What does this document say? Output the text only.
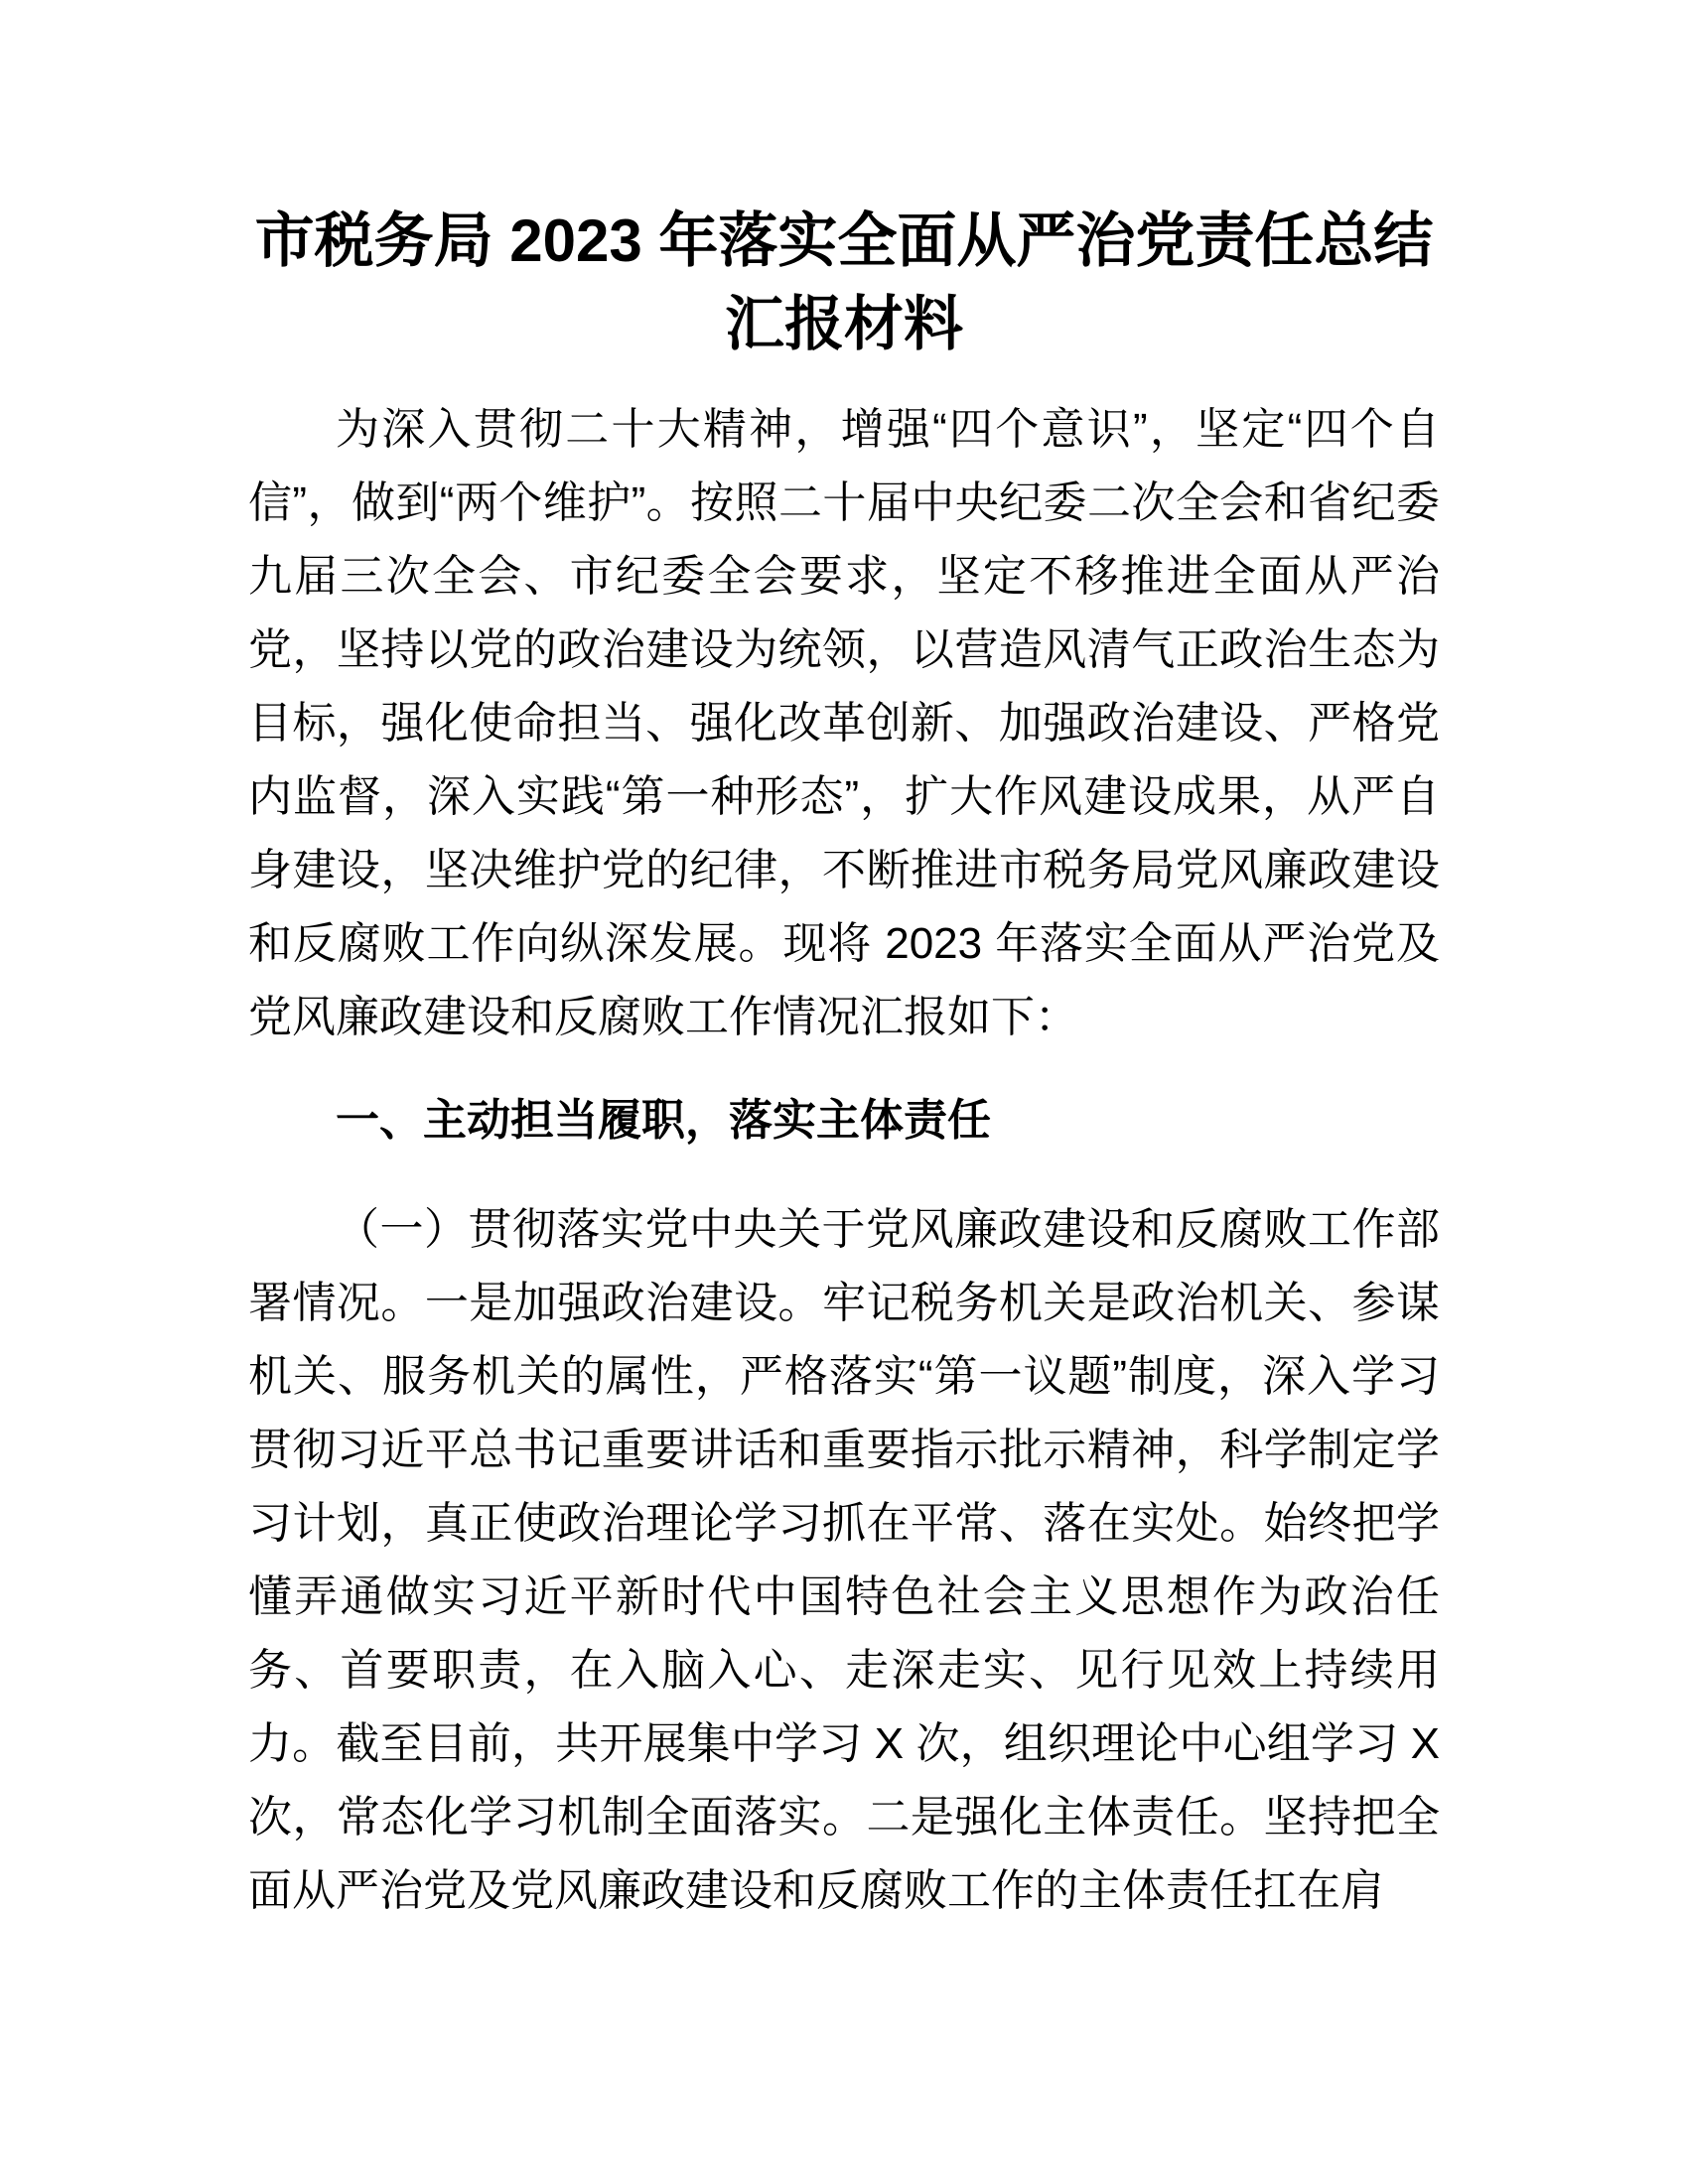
市税务局 2023 年落实全面从严治党责任总结汇报材料

为深入贯彻二十大精神，增强“四个意识”，坚定“四个自信”，做到“两个维护”。按照二十届中央纪委二次全会和省纪委九届三次全会、市纪委全会要求，坚定不移推进全面从严治党，坚持以党的政治建设为统领，以营造风清气正政治生态为目标，强化使命担当、强化改革创新、加强政治建设、严格党内监督，深入实践“第一种形态”，扩大作风建设成果，从严自身建设，坚决维护党的纪律，不断推进市税务局党风廉政建设和反腐败工作向纵深发展。现将 2023 年落实全面从严治党及党风廉政建设和反腐败工作情况汇报如下：

一、主动担当履职，落实主体责任

（一）贯彻落实党中央关于党风廉政建设和反腐败工作部署情况。一是加强政治建设。牢记税务机关是政治机关、参谋机关、服务机关的属性，严格落实“第一议题”制度，深入学习贯彻习近平总书记重要讲话和重要指示批示精神，科学制定学习计划，真正使政治理论学习抓在平常、落在实处。始终把学懂弄通做实习近平新时代中国特色社会主义思想作为政治任务、首要职责，在入脑入心、走深走实、见行见效上持续用力。截至目前，共开展集中学习 X 次，组织理论中心组学习 X 次，常态化学习机制全面落实。二是强化主体责任。坚持把全面从严治党及党风廉政建设和反腐败工作的主体责任扛在肩
